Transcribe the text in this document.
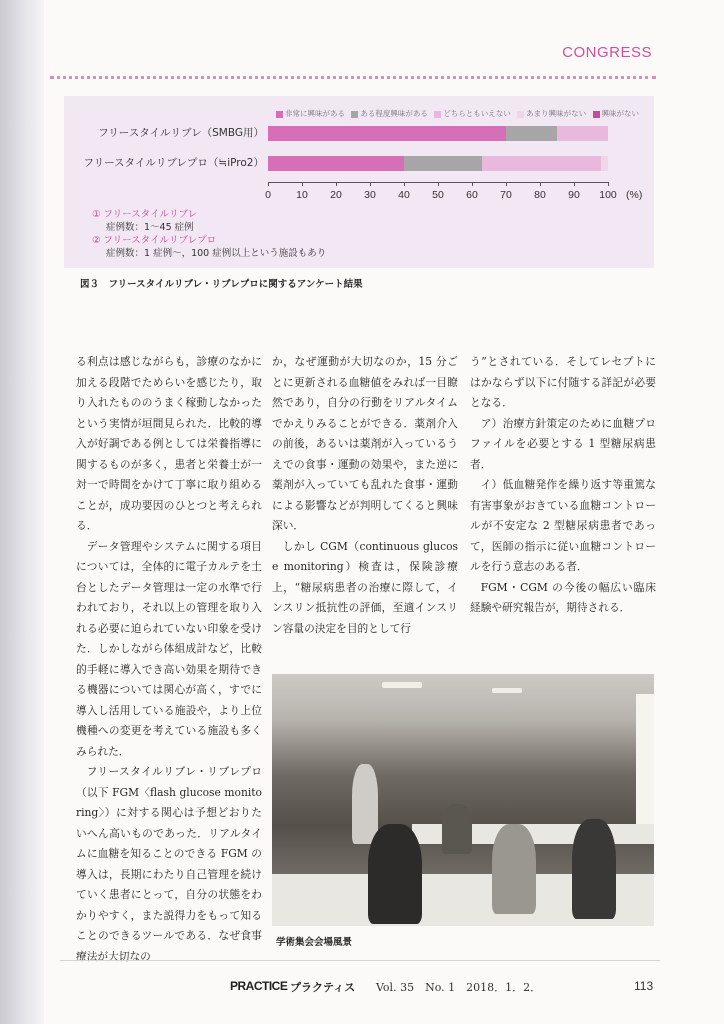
CONGRESS
非常に興味がある ある程度興味がある どちらともいえない あまり興味がない 興味がない
フリースタイルリブレ（SMBG用）
フリースタイルリブレプロ（≒iPro2）
0	10	20	30	40	50	60	70	80	90	100 (%)
① フリースタイルリブレ
症例数：1〜45 症例
② フリースタイルリブレプロ
症例数：1 症例〜，100 症例以上という施設もあり
図３　フリースタイルリブレ・リブレプロに関するアンケート結果

る利点は感じながらも，診療のなかに加える段階でためらいを感じたり，取り入れたもののうまく稼動しなかったという実情が垣間見られた．比較的導入が好調である例としては栄養指導に関するものが多く，患者と栄養士が一対一で時間をかけて丁寧に取り組めることが，成功要因のひとつと考えられる．

データ管理やシステムに関する項目については，全体的に電子カルテを土台としたデータ管理は一定の水準で行われており，それ以上の管理を取り入れる必要に迫られていない印象を受けた．しかしながら体組成計など，比較的手軽に導入でき高い効果を期待できる機器については関心が高く，すでに導入し活用している施設や，より上位機種への変更を考えている施設も多くみられた．

フリースタイルリブレ・リブレプロ（以下 FGM〈flash glucose monitoring〉）に対する関心は予想どおりたいへん高いものであった．リアルタイムに血糖を知ることのできる FGM の導入は，長期にわたり自己管理を続けていく患者にとって，自分の状態をわかりやすく，また説得力をもって知ることのできるツールである．なぜ食事療法が大切なの

か，なぜ運動が大切なのか，15 分ごとに更新される血糖値をみれば一目瞭然であり，自分の行動をリアルタイムでかえりみることができる．薬剤介入の前後，あるいは薬剤が入っているうえでの食事・運動の効果や，また逆に薬剤が入っていても乱れた食事・運動による影響などが判明してくると興味深い．

しかし CGM（continuous glucose monitoring）検査は，保険診療上，“糖尿病患者の治療に際して，インスリン抵抗性の評価，至適インスリン容量の決定を目的として行

う”とされている．そしてレセプトにはかならず以下に付随する詳記が必要となる．

ア）治療方針策定のために血糖プロファイルを必要とする 1 型糖尿病患者．

イ）低血糖発作を繰り返す等重篤な有害事象がおきている血糖コントロールが不安定な 2 型糖尿病患者であって，医師の指示に従い血糖コントロールを行う意志のある者．

FGM・CGM の今後の幅広い臨床経験や研究報告が，期待される．

学術集会会場風景
PRACTICE プラクティス Vol. 35　No. 1　2018．1．2．	113
